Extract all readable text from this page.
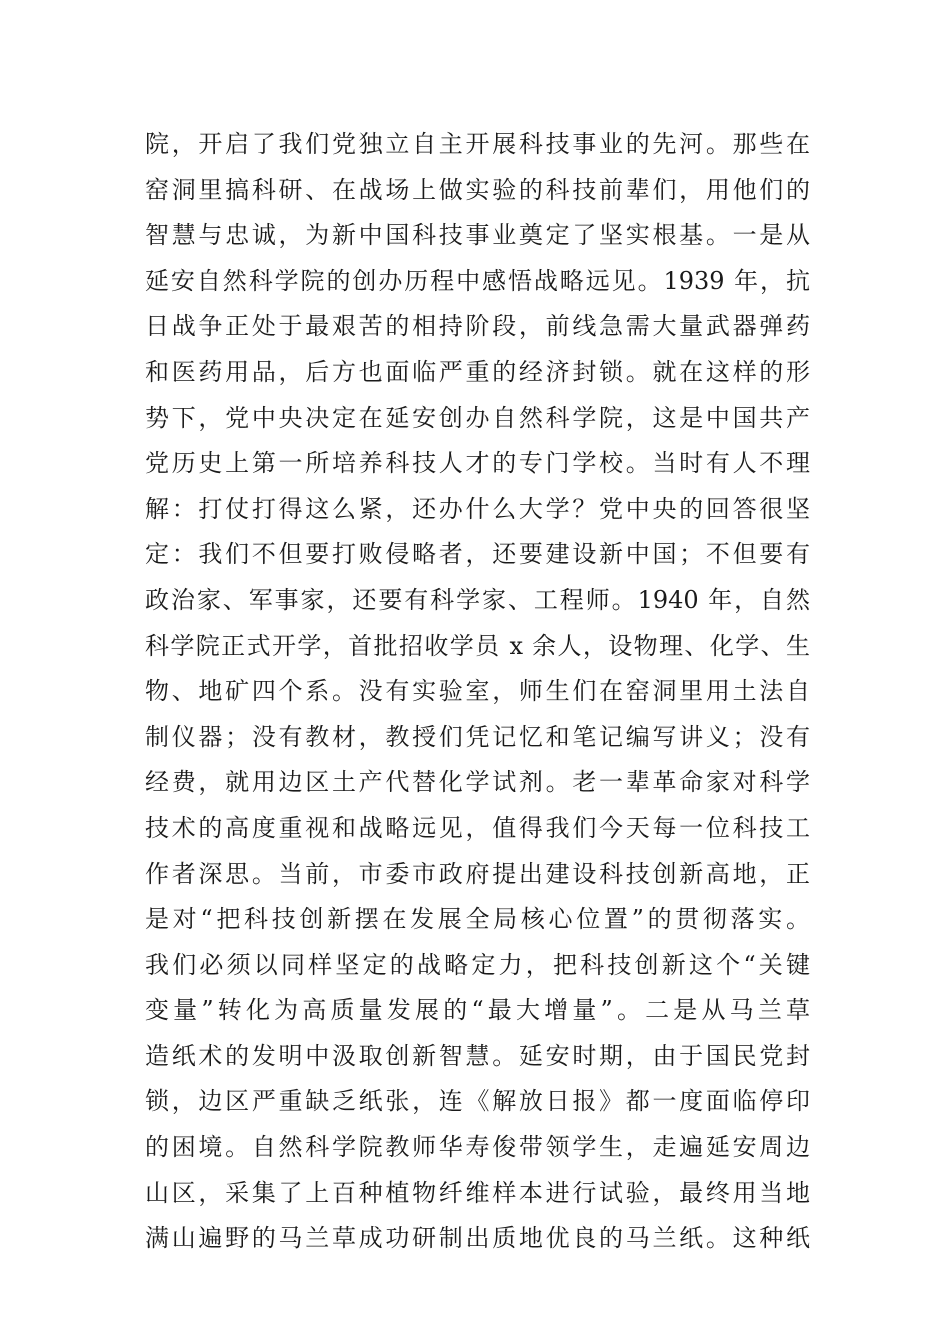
院，开启了我们党独立自主开展科技事业的先河。那些在
窑洞里搞科研、在战场上做实验的科技前辈们，用他们的
智慧与忠诚，为新中国科技事业奠定了坚实根基。一是从
延安自然科学院的创办历程中感悟战略远见。1939 年，抗
日战争正处于最艰苦的相持阶段，前线急需大量武器弹药
和医药用品，后方也面临严重的经济封锁。就在这样的形
势下，党中央决定在延安创办自然科学院，这是中国共产
党历史上第一所培养科技人才的专门学校。当时有人不理
解：打仗打得这么紧，还办什么大学？党中央的回答很坚
定：我们不但要打败侵略者，还要建设新中国；不但要有
政治家、军事家，还要有科学家、工程师。1940 年，自然
科学院正式开学，首批招收学员 x 余人，设物理、化学、生
物、地矿四个系。没有实验室，师生们在窑洞里用土法自
制仪器；没有教材，教授们凭记忆和笔记编写讲义；没有
经费，就用边区土产代替化学试剂。老一辈革命家对科学
技术的高度重视和战略远见，值得我们今天每一位科技工
作者深思。当前，市委市政府提出建设科技创新高地，正
是对“把科技创新摆在发展全局核心位置”的贯彻落实。
我们必须以同样坚定的战略定力，把科技创新这个“关键
变量”转化为高质量发展的“最大增量”。二是从马兰草
造纸术的发明中汲取创新智慧。延安时期，由于国民党封
锁，边区严重缺乏纸张，连《解放日报》都一度面临停印
的困境。自然科学院教师华寿俊带领学生，走遍延安周边
山区，采集了上百种植物纤维样本进行试验，最终用当地
满山遍野的马兰草成功研制出质地优良的马兰纸。这种纸
